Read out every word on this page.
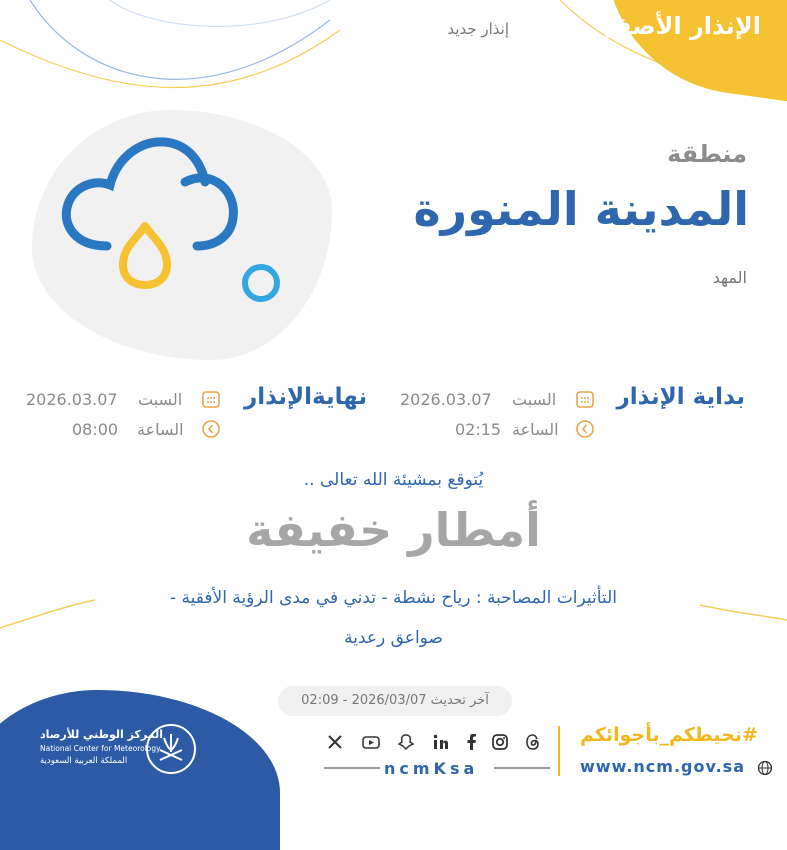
الإنذار الأصفر
إنذار جديد
منطقة
المدينة المنورة
المهد
بداية الإنذار
السبت
2026.03.07
الساعة
02:15
نهايةالإنذار
السبت
2026.03.07
الساعة
08:00
يُتوقع بمشيئة الله تعالى ..
أمطار خفيفة
التأثيرات المصاحبة : رياح نشطة - تدني في مدى الرؤية الأفقية -
صواعق رعدية
آخر تحديث 2026/03/07 - 02:09
المركز الوطني للأرصاد
National Center for Meteorology
المملكة العربية السعودية	ncmKsa
#نحيطكم_بأجوائكم
www.ncm.gov.sa
